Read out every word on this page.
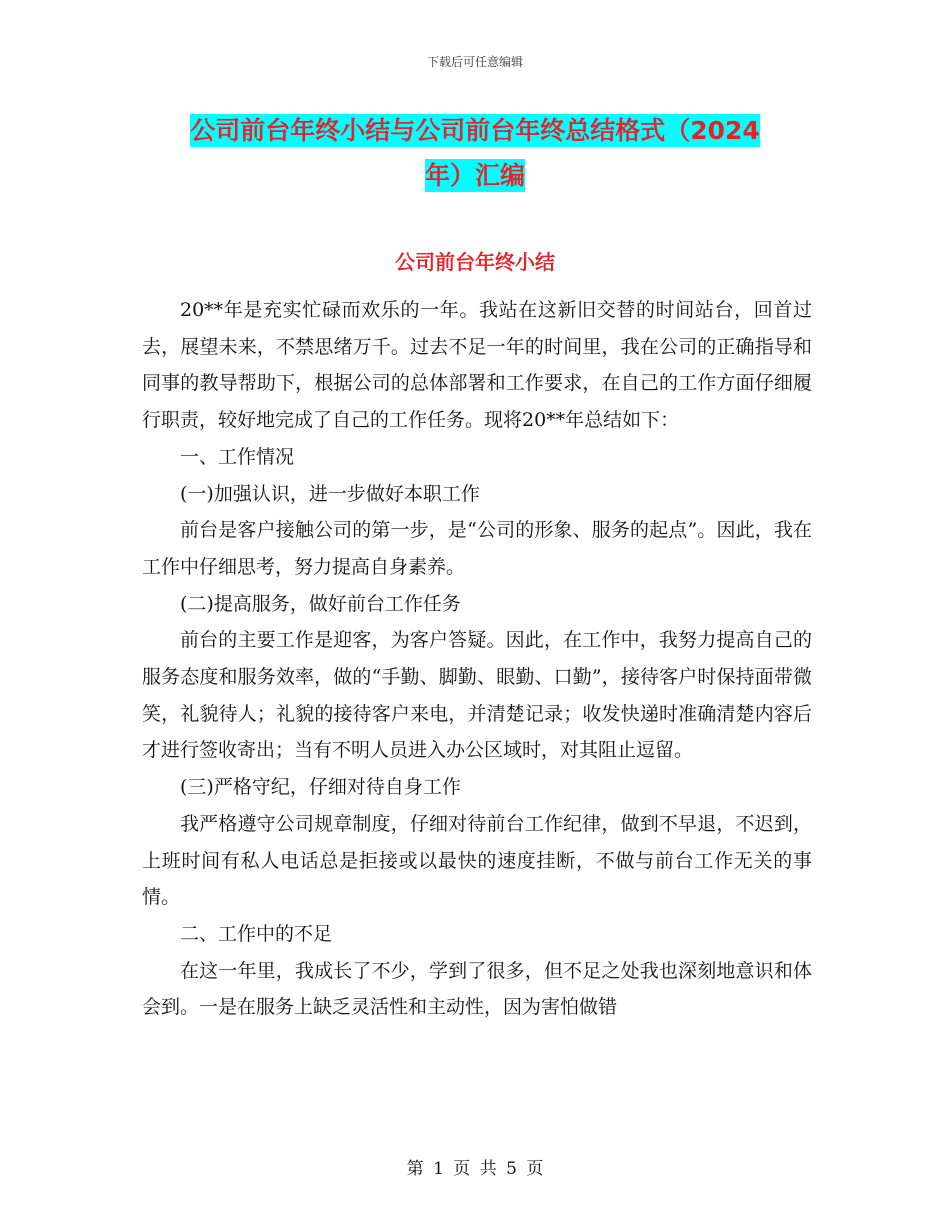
下载后可任意编辑
公司前台年终小结与公司前台年终总结格式（2024
年）汇编
公司前台年终小结

20**年是充实忙碌而欢乐的一年。我站在这新旧交替的时间站台，回首过去，展望未来，不禁思绪万千。过去不足一年的时间里，我在公司的正确指导和同事的教导帮助下，根据公司的总体部署和工作要求，在自己的工作方面仔细履行职责，较好地完成了自己的工作任务。现将20**年总结如下：

一、工作情况

(一)加强认识，进一步做好本职工作

前台是客户接触公司的第一步，是“公司的形象、服务的起点”。因此，我在工作中仔细思考，努力提高自身素养。

(二)提高服务，做好前台工作任务

前台的主要工作是迎客，为客户答疑。因此，在工作中，我努力提高自己的服务态度和服务效率，做的“手勤、脚勤、眼勤、口勤”，接待客户时保持面带微笑，礼貌待人；礼貌的接待客户来电，并清楚记录；收发快递时准确清楚内容后才进行签收寄出；当有不明人员进入办公区域时，对其阻止逗留。

(三)严格守纪，仔细对待自身工作

我严格遵守公司规章制度，仔细对待前台工作纪律，做到不早退，不迟到，上班时间有私人电话总是拒接或以最快的速度挂断，不做与前台工作无关的事情。

二、工作中的不足

在这一年里，我成长了不少，学到了很多，但不足之处我也深刻地意识和体会到。一是在服务上缺乏灵活性和主动性，因为害怕做错

第 1 页 共 5 页
